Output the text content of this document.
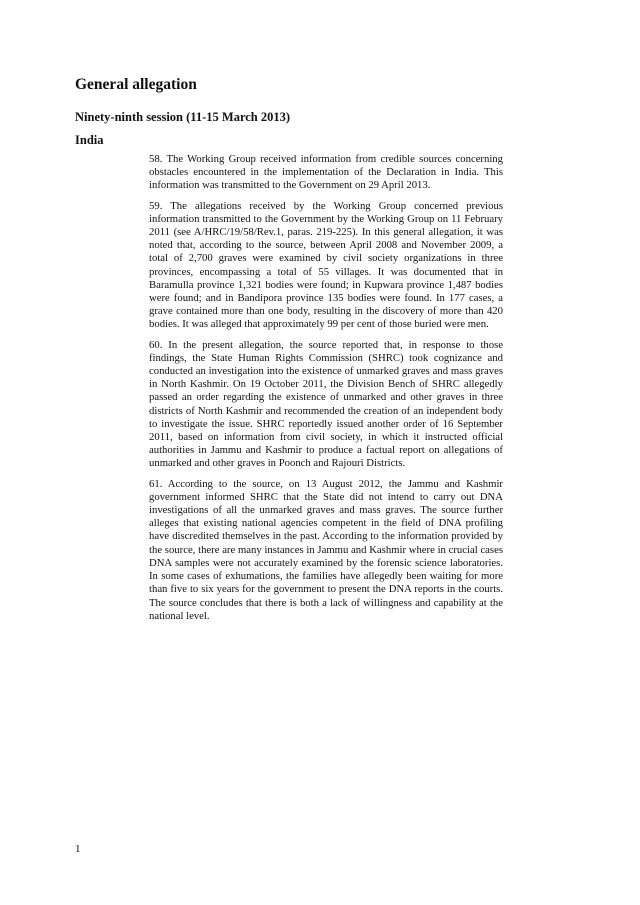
General allegation
Ninety-ninth session (11-15 March 2013)
India

58. The Working Group received information from credible sources concerning obstacles encountered in the implementation of the Declaration in India. This information was transmitted to the Government on 29 April 2013.

59. The allegations received by the Working Group concerned previous information transmitted to the Government by the Working Group on 11 February 2011 (see A/HRC/19/58/Rev.1, paras. 219-225). In this general allegation, it was noted that, according to the source, between April 2008 and November 2009, a total of 2,700 graves were examined by civil society organizations in three provinces, encompassing a total of 55 villages. It was documented that in Baramulla province 1,321 bodies were found; in Kupwara province 1,487 bodies were found; and in Bandipora province 135 bodies were found. In 177 cases, a grave contained more than one body, resulting in the discovery of more than 420 bodies. It was alleged that approximately 99 per cent of those buried were men.

60. In the present allegation, the source reported that, in response to those findings, the State Human Rights Commission (SHRC) took cognizance and conducted an investigation into the existence of unmarked graves and mass graves in North Kashmir. On 19 October 2011, the Division Bench of SHRC allegedly passed an order regarding the existence of unmarked and other graves in three districts of North Kashmir and recommended the creation of an independent body to investigate the issue. SHRC reportedly issued another order of 16 September 2011, based on information from civil society, in which it instructed official authorities in Jammu and Kashmir to produce a factual report on allegations of unmarked and other graves in Poonch and Rajouri Districts.

61. According to the source, on 13 August 2012, the Jammu and Kashmir government informed SHRC that the State did not intend to carry out DNA investigations of all the unmarked graves and mass graves. The source further alleges that existing national agencies competent in the field of DNA profiling have discredited themselves in the past. According to the information provided by the source, there are many instances in Jammu and Kashmir where in crucial cases DNA samples were not accurately examined by the forensic science laboratories. In some cases of exhumations, the families have allegedly been waiting for more than five to six years for the government to present the DNA reports in the courts. The source concludes that there is both a lack of willingness and capability at the national level.

1
